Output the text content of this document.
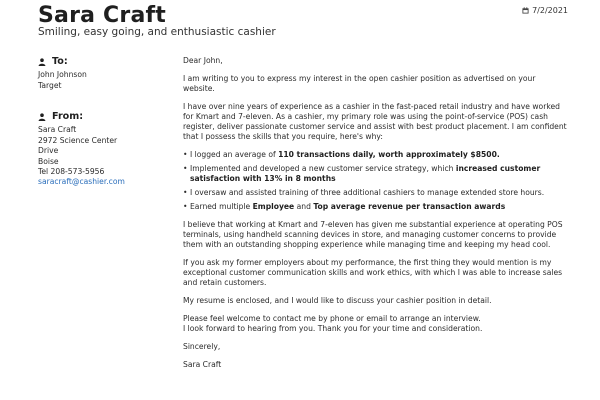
Sara Craft
Smiling, easy going, and enthusiastic cashier
7/2/2021
To:
John Johnson
Target
From:
Sara Craft
2972 Science Center
Drive
Boise
Tel 208-573-5956
saracraft@cashier.com

Dear John,

I am writing to you to express my interest in the open cashier position as advertised on your website.

I have over nine years of experience as a cashier in the fast-paced retail industry and have worked for Kmart and 7-eleven. As a cashier, my primary role was using the point-of-service (POS) cash register, deliver passionate customer service and assist with best product placement. I am confident that I possess the skills that you require, here's why:

• I logged an average of 110 transactions daily, worth approximately $8500.
• Implemented and developed a new customer service strategy, which increased customer satisfaction with 13% in 8 months
• I oversaw and assisted training of three additional cashiers to manage extended store hours.
• Earned multiple Employee and Top average revenue per transaction awards

I believe that working at Kmart and 7-eleven has given me substantial experience at operating POS terminals, using handheld scanning devices in store, and managing customer concerns to provide them with an outstanding shopping experience while managing time and keeping my head cool.

If you ask my former employers about my performance, the first thing they would mention is my exceptional customer communication skills and work ethics, with which I was able to increase sales and retain customers.

My resume is enclosed, and I would like to discuss your cashier position in detail.

Please feel welcome to contact me by phone or email to arrange an interview.
I look forward to hearing from you. Thank you for your time and consideration.

Sincerely,

Sara Craft
